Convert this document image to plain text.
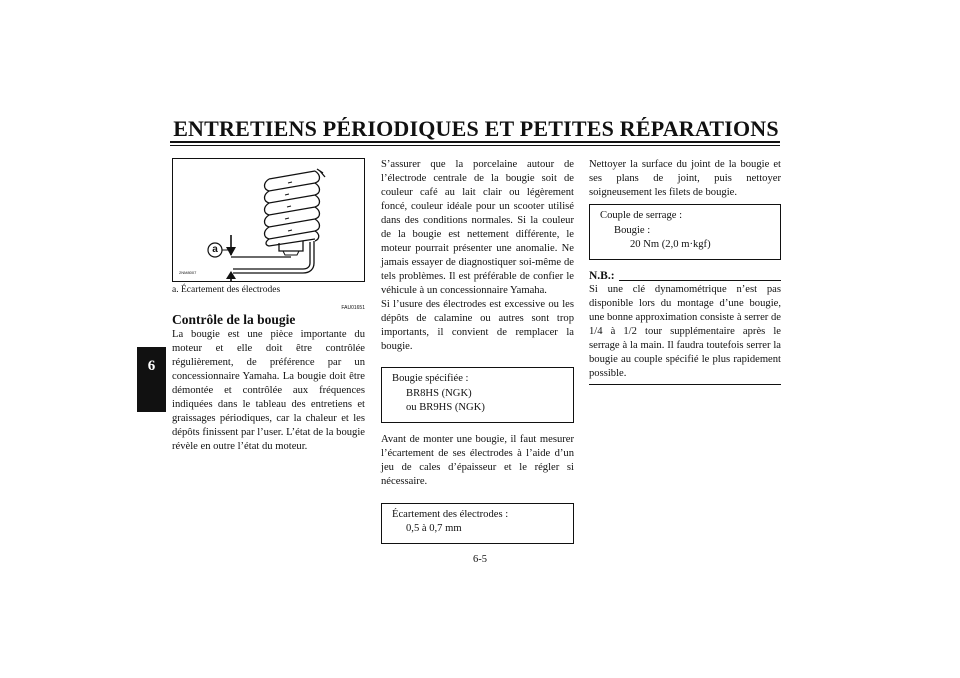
ENTRETIENS PÉRIODIQUES ET PETITES RÉPARATIONS
6
a
2NM8007
a. Écartement des électrodes
FAU01651
Contrôle de la bougie

La bougie est une pièce importante du moteur et elle doit être contrôlée régulièrement, de préférence par un concessionnaire Yamaha. La bougie doit être démontée et contrôlée aux fréquences indiquées dans le tableau des entretiens et graissages périodiques, car la chaleur et les dépôts finissent par l’user. L’état de la bougie révèle en outre l’état du moteur.

S’assurer que la porcelaine autour de l’électrode centrale de la bougie soit de couleur café au lait clair ou légèrement foncé, couleur idéale pour un scooter utilisé dans des conditions normales. Si la couleur de la bougie est nettement différente, le moteur pourrait présenter une anomalie. Ne jamais essayer de diagnostiquer soi-même de tels problèmes. Il est préférable de confier le véhicule à un concessionnaire Yamaha.

Si l’usure des électrodes est excessive ou les dépôts de calamine ou autres sont trop importants, il convient de remplacer la bougie.

Bougie spécifiée :
BR8HS (NGK)
ou BR9HS (NGK)

Avant de monter une bougie, il faut mesurer l’écartement de ses électrodes à l’aide d’un jeu de cales d’épaisseur et le régler si nécessaire.

Écartement des électrodes :
0,5 à 0,7 mm

Nettoyer la surface du joint de la bougie et ses plans de joint, puis nettoyer soigneusement les filets de bougie.

Couple de serrage :
Bougie :
20 Nm (2,0 m·kgf)
N.B.:

Si une clé dynamométrique n’est pas disponible lors du montage d’une bougie, une bonne approximation consiste à serrer de 1/4 à 1/2 tour supplémentaire après le serrage à la main. Il faudra toutefois serrer la bougie au couple spécifié le plus rapidement possible.

6-5
